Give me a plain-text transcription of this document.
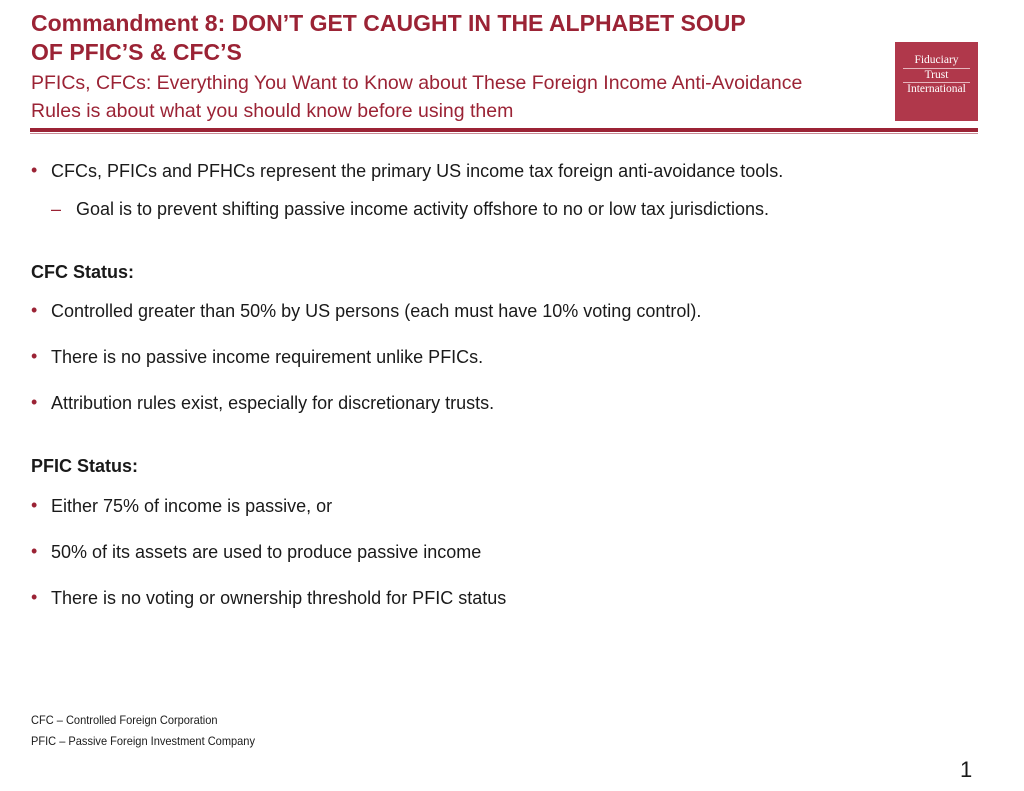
Commandment 8: DON’T GET CAUGHT IN THE ALPHABET SOUP
OF PFIC’S & CFC’S
PFICs, CFCs: Everything You Want to Know about These Foreign Income Anti-Avoidance
Rules is about what you should know before using them
Fiduciary
Trust
International
• CFCs, PFICs and PFHCs represent the primary US income tax foreign anti-avoidance tools.
– Goal is to prevent shifting passive income activity offshore to no or low tax jurisdictions.
CFC Status:
• Controlled greater than 50% by US persons (each must have 10% voting control).
• There is no passive income requirement unlike PFICs.
• Attribution rules exist, especially for discretionary trusts.
PFIC Status:
• Either 75% of income is passive, or
• 50% of its assets are used to produce passive income
• There is no voting or ownership threshold for PFIC status
CFC – Controlled Foreign Corporation
PFIC – Passive Foreign Investment Company
1
